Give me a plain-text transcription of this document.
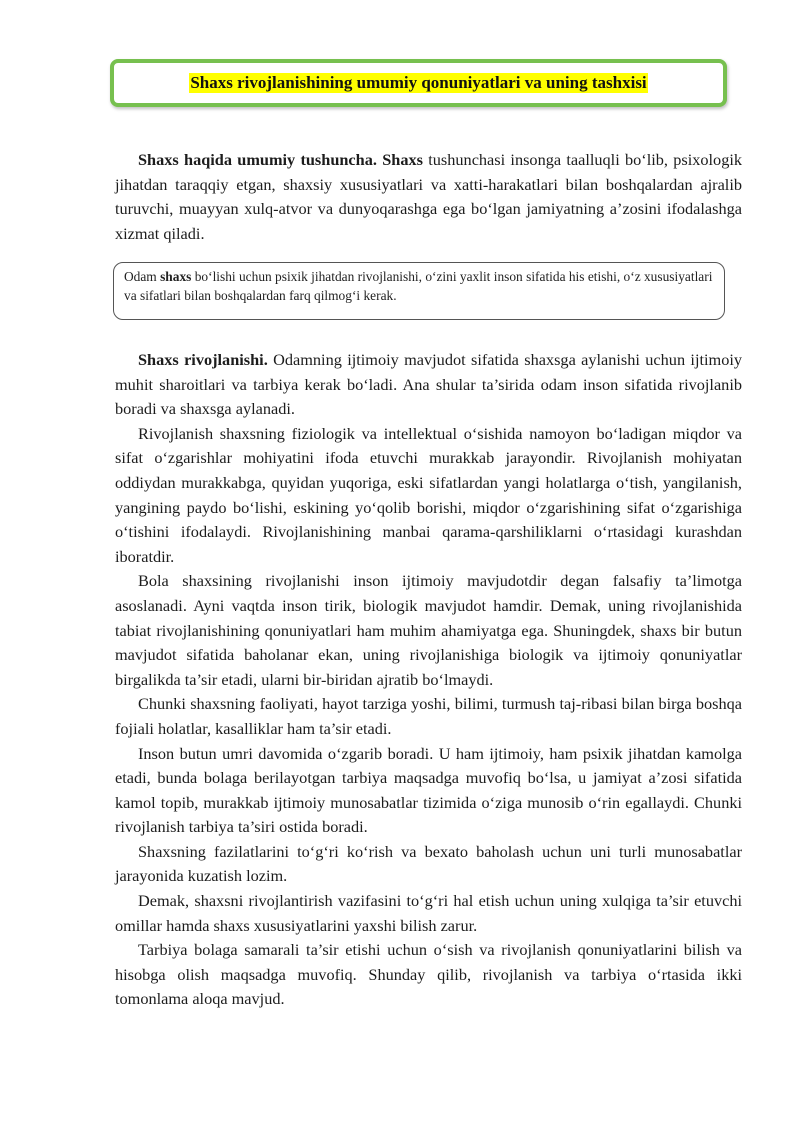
Shaxs rivojlanishining umumiy qonuniyatlari va uning tashxisi

Shaxs haqida umumiy tushuncha. Shaxs tushunchasi insonga taalluqli bo‘lib, psixologik jihatdan taraqqiy etgan, shaxsiy xususiyatlari va xatti-harakatlari bilan boshqalardan ajralib turuvchi, muayyan xulq-atvor va dunyoqarashga ega bo‘lgan jamiyatning a’zosini ifodalashga xizmat qiladi.

Odam shaxs bo‘lishi uchun psixik jihatdan rivojlanishi, o‘zini yaxlit inson sifatida his etishi, o‘z xususiyatlari va sifatlari bilan boshqalardan farq qilmog‘i kerak.

Shaxs rivojlanishi. Odamning ijtimoiy mavjudot sifatida shaxsga aylanishi uchun ijtimoiy muhit sharoitlari va tarbiya kerak bo‘ladi. Ana shular ta’sirida odam inson sifatida rivojlanib boradi va shaxsga aylanadi.

Rivojlanish shaxsning fiziologik va intellektual o‘sishida namoyon bo‘ladigan miqdor va sifat o‘zgarishlar mohiyatini ifoda etuvchi murakkab jarayondir. Rivojlanish mohiyatan oddiydan murakkabga, quyidan yuqoriga, eski sifatlardan yangi holatlarga o‘tish, yangilanish, yangining paydo bo‘lishi, eskining yo‘qolib borishi, miqdor o‘zgarishining sifat o‘zgarishiga o‘tishini ifodalaydi. Rivojlanishining manbai qarama-qarshiliklarni o‘rtasidagi kurashdan iboratdir.

Bola shaxsining rivojlanishi inson ijtimoiy mavjudotdir degan falsafiy ta’limotga asoslanadi. Ayni vaqtda inson tirik, biologik mavjudot hamdir. Demak, uning rivojlanishida tabiat rivojlanishining qonuniyatlari ham muhim ahamiyatga ega. Shuningdek, shaxs bir butun mavjudot sifatida baholanar ekan, uning rivojlanishiga biologik va ijtimoiy qonuniyatlar birgalikda ta’sir etadi, ularni bir-biridan ajratib bo‘lmaydi.

Chunki shaxsning faoliyati, hayot tarziga yoshi, bilimi, turmush taj-ribasi bilan birga boshqa fojiali holatlar, kasalliklar ham ta’sir etadi.

Inson butun umri davomida o‘zgarib boradi. U ham ijtimoiy, ham psixik jihatdan kamolga etadi, bunda bolaga berilayotgan tarbiya maqsadga muvofiq bo‘lsa, u jamiyat a’zosi sifatida kamol topib, murakkab ijtimoiy munosabatlar tizimida o‘ziga munosib o‘rin egallaydi. Chunki rivojlanish tarbiya ta’siri ostida boradi.

Shaxsning fazilatlarini to‘g‘ri ko‘rish va bexato baholash uchun uni turli munosabatlar jarayonida kuzatish lozim.

Demak, shaxsni rivojlantirish vazifasini to‘g‘ri hal etish uchun uning xulqiga ta’sir etuvchi omillar hamda shaxs xususiyatlarini yaxshi bilish zarur.

Tarbiya bolaga samarali ta’sir etishi uchun o‘sish va rivojlanish qonuniyatlarini bilish va hisobga olish maqsadga muvofiq. Shunday qilib, rivojlanish va tarbiya o‘rtasida ikki tomonlama aloqa mavjud.
